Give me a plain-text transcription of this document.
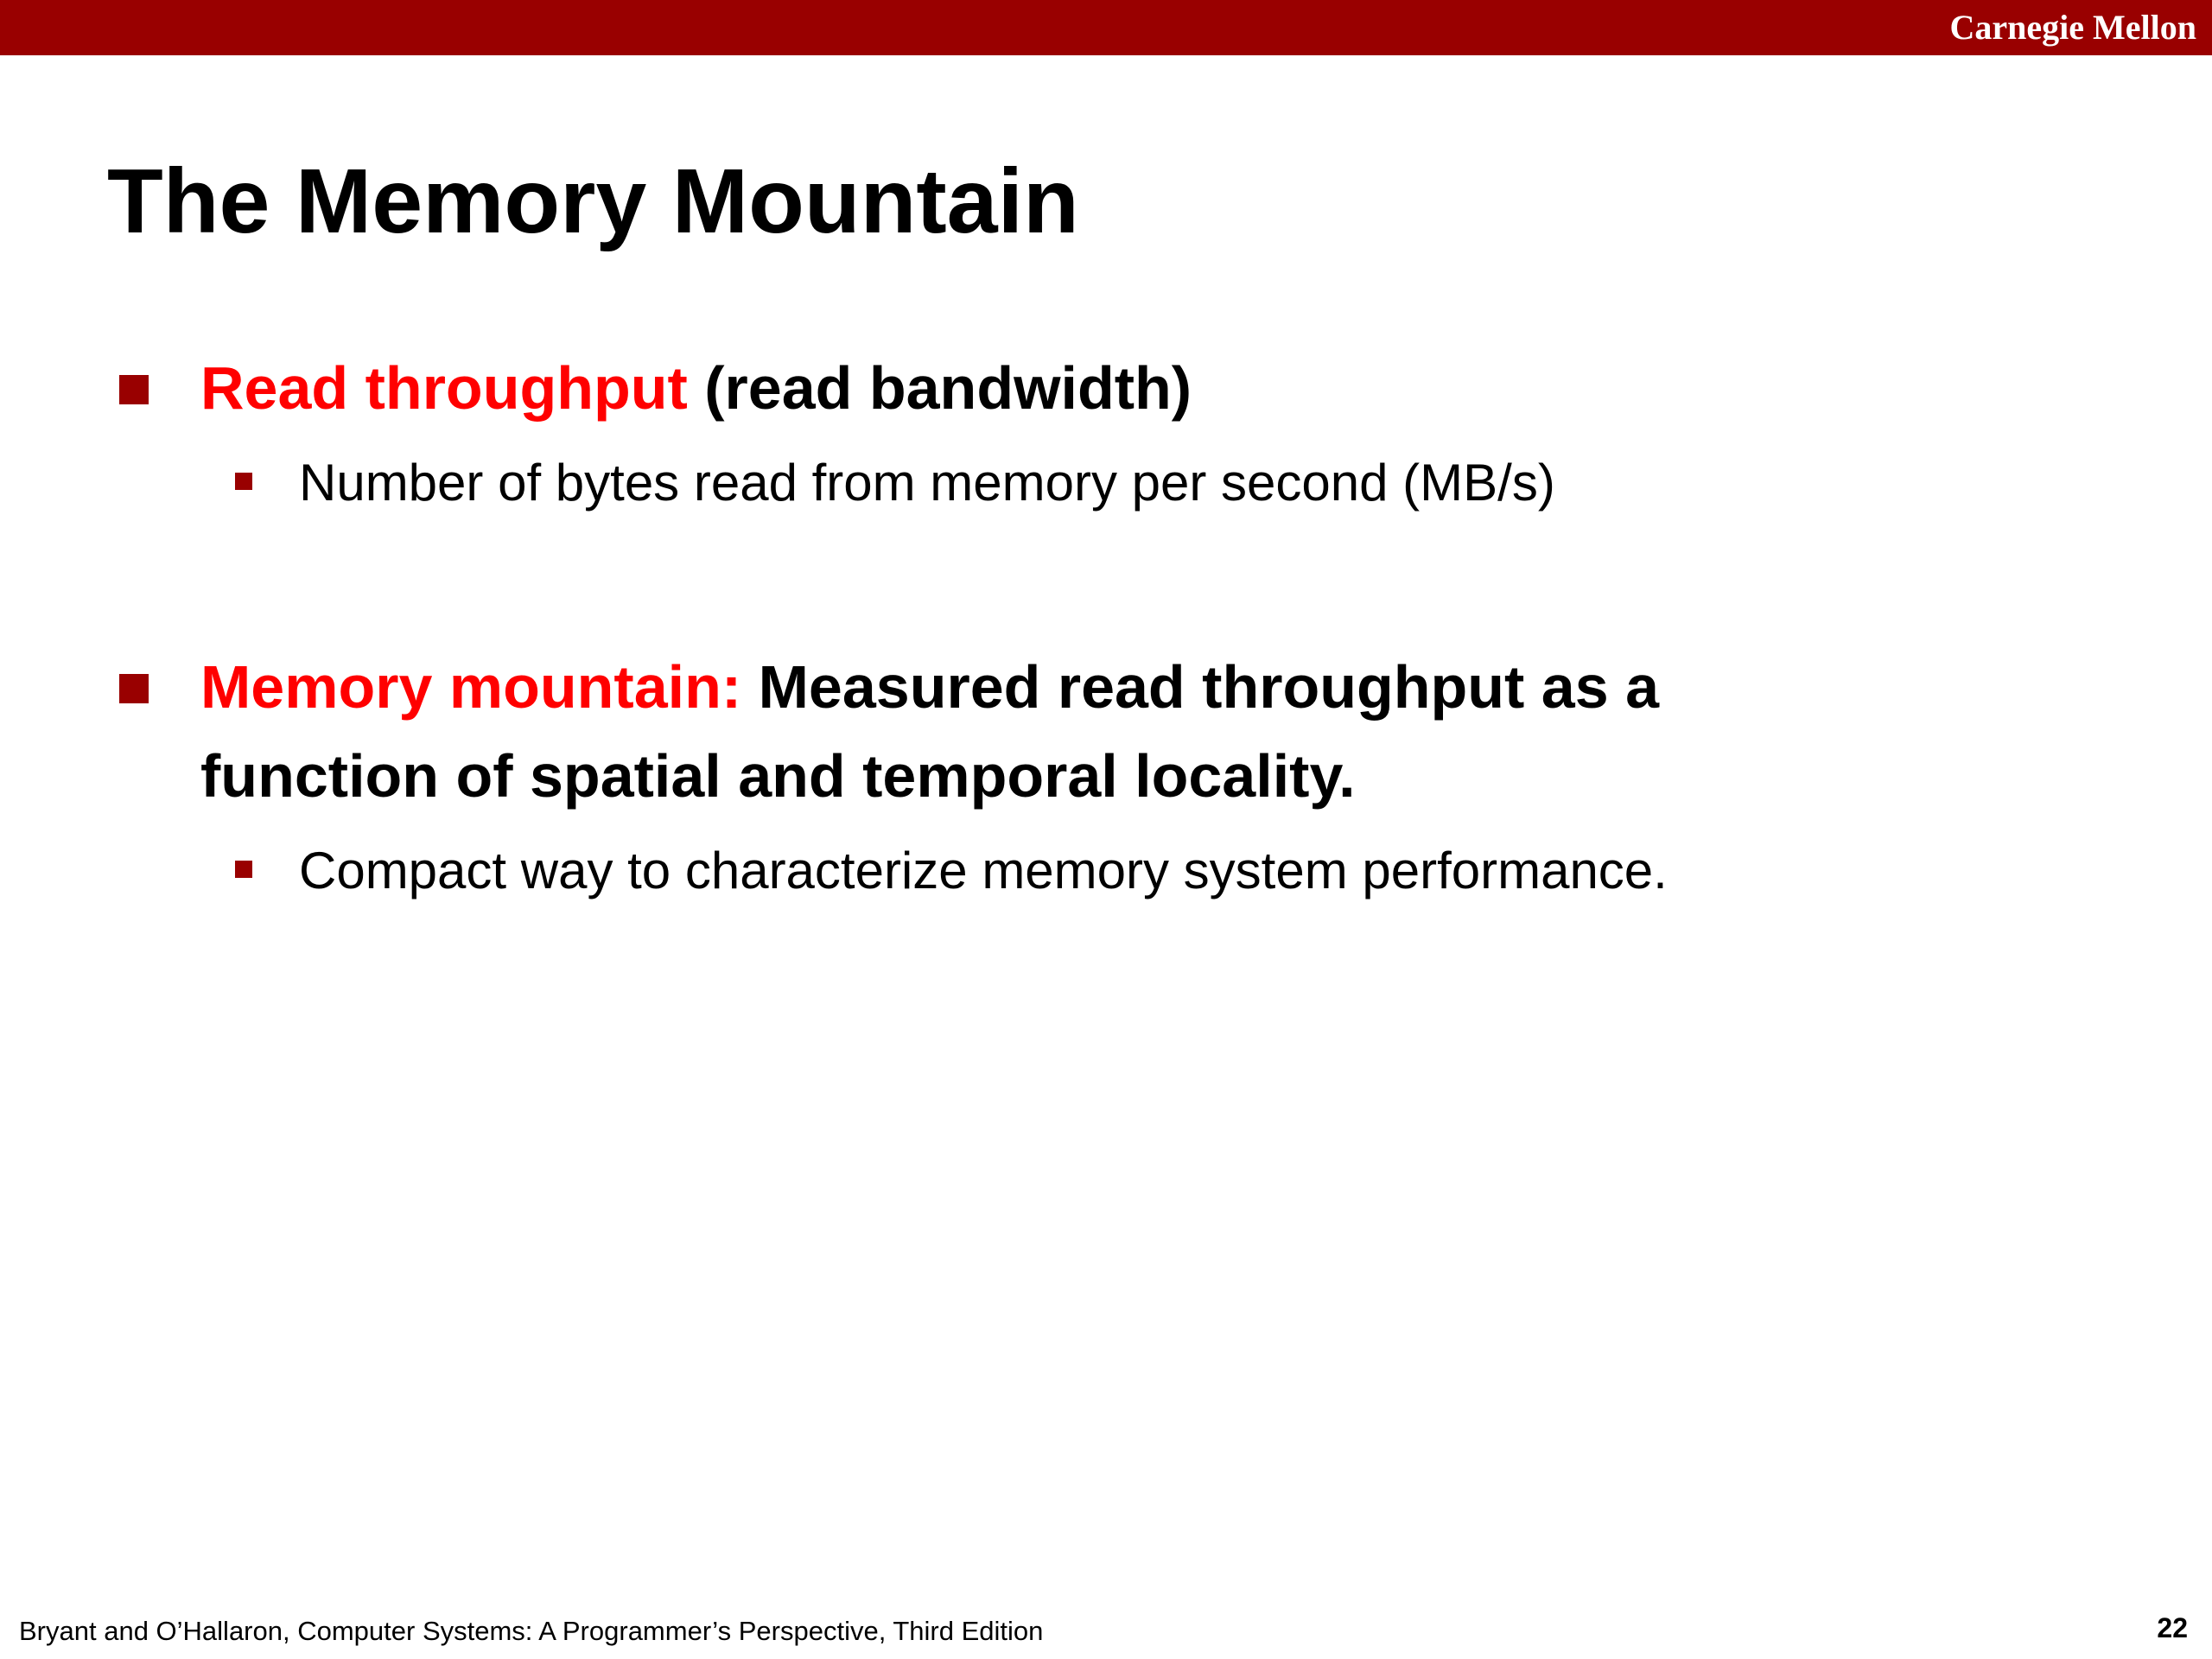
Carnegie Mellon
The Memory Mountain
Read throughput (read bandwidth)
Number of bytes read from memory per second (MB/s)
Memory mountain: Measured read throughput as a function of spatial and temporal locality.
Compact way to characterize memory system performance.
Bryant and O’Hallaron, Computer Systems: A Programmer’s Perspective, Third Edition	22
